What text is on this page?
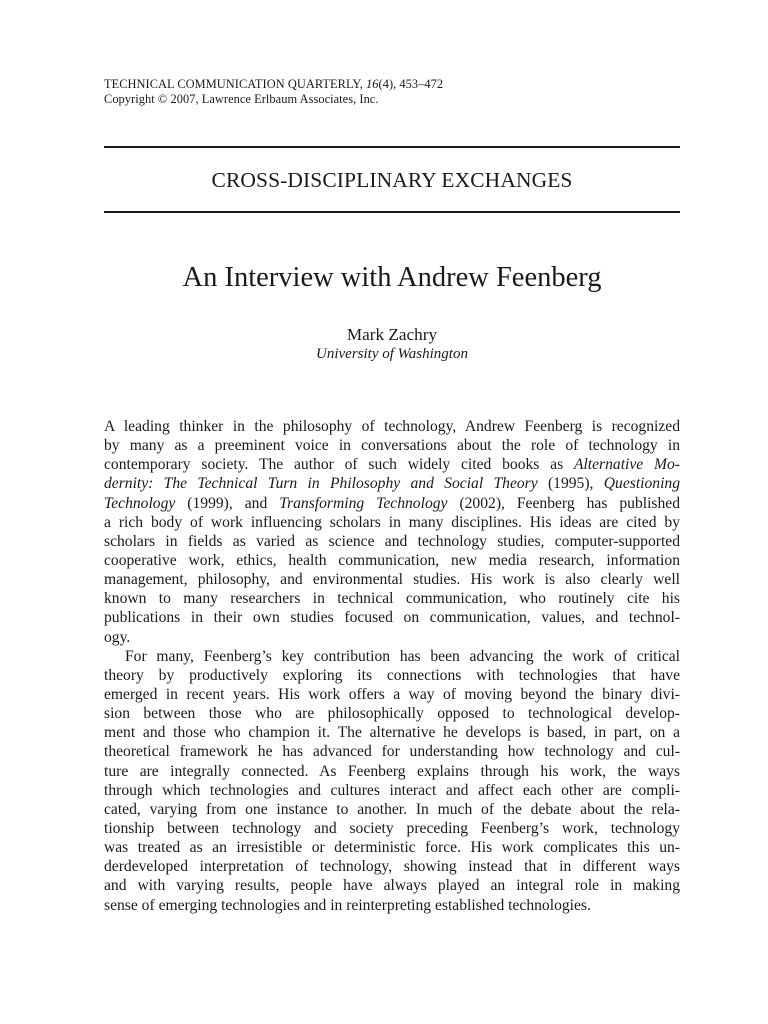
TECHNICAL COMMUNICATION QUARTERLY, 16(4), 453–472
Copyright © 2007, Lawrence Erlbaum Associates, Inc.
CROSS-DISCIPLINARY EXCHANGES
An Interview with Andrew Feenberg
Mark Zachry
University of Washington
A leading thinker in the philosophy of technology, Andrew Feenberg is recognized
by many as a preeminent voice in conversations about the role of technology in
contemporary society. The author of such widely cited books as Alternative Mo-
dernity: The Technical Turn in Philosophy and Social Theory (1995), Questioning
Technology (1999), and Transforming Technology (2002), Feenberg has published
a rich body of work influencing scholars in many disciplines. His ideas are cited by
scholars in fields as varied as science and technology studies, computer-supported
cooperative work, ethics, health communication, new media research, information
management, philosophy, and environmental studies. His work is also clearly well
known to many researchers in technical communication, who routinely cite his
publications in their own studies focused on communication, values, and technol-
ogy.
For many, Feenberg’s key contribution has been advancing the work of critical
theory by productively exploring its connections with technologies that have
emerged in recent years. His work offers a way of moving beyond the binary divi-
sion between those who are philosophically opposed to technological develop-
ment and those who champion it. The alternative he develops is based, in part, on a
theoretical framework he has advanced for understanding how technology and cul-
ture are integrally connected. As Feenberg explains through his work, the ways
through which technologies and cultures interact and affect each other are compli-
cated, varying from one instance to another. In much of the debate about the rela-
tionship between technology and society preceding Feenberg’s work, technology
was treated as an irresistible or deterministic force. His work complicates this un-
derdeveloped interpretation of technology, showing instead that in different ways
and with varying results, people have always played an integral role in making
sense of emerging technologies and in reinterpreting established technologies.
